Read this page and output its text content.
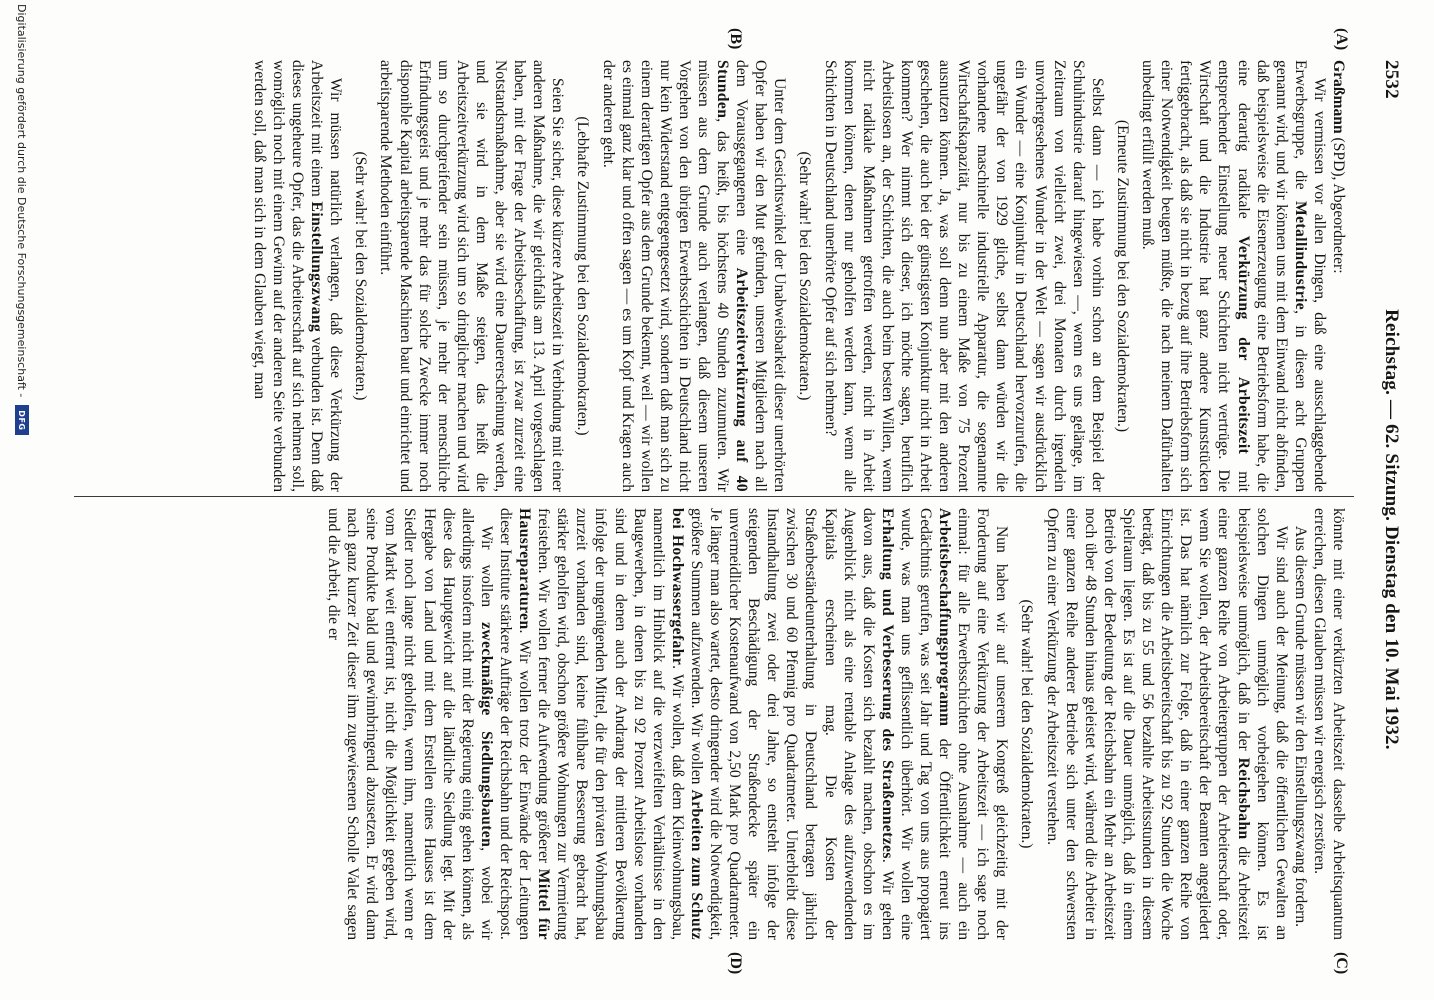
2532
Reichstag. — 62. Sitzung. Dienstag den 10. Mai 1932.
(A)
(B)
(C)
(D)

Graßmann (SPD), Abgeordneter:

Wir vermissen vor allen Dingen, daß eine ausschlaggebende Erwerbsgruppe, die Metallindustrie, in diesen acht Gruppen genannt wird, und wir können uns mit dem Einwand nicht abfinden, daß beispielsweise die Eisenerzeugung eine Betriebsform habe, die eine derartig radikale Verkürzung der Arbeitszeit mit entsprechender Einstellung neuer Schichten nicht vertrüge. Die Wirtschaft und die Industrie hat ganz andere Kunststücken fertiggebracht, als daß sie nicht in bezug auf ihre Betriebsform sich einer Notwendigkeit beugen müßte, die nach meinem Dafürhalten unbedingt erfüllt werden muß.

(Erneute Zustimmung bei den Sozialdemokraten.)

Selbst dann — ich habe vorhin schon an dem Beispiel der Schuhindustrie darauf hingewiesen —, wenn es uns gelänge, im Zeitraum von vielleicht zwei, drei Monaten durch irgendein unvorhergesehenes Wunder in der Welt — sagen wir ausdrücklich ein Wunder — eine Konjunktur in Deutschland hervorzurufen, die ungefähr der von 1929 gliche, selbst dann würden wir die vorhandene maschinelle industrielle Apparatur, die sogenannte Wirtschaftskapazität, nur bis zu einem Maße von 75 Prozent ausnutzen können. Ja, was soll denn nun aber mit den anderen geschehen, die auch bei der günstigsten Konjunktur nicht in Arbeit kommen? Wer nimmt sich dieser, ich möchte sagen, beruflich Arbeitslosen an, der Schichten, die auch beim besten Willen, wenn nicht radikale Maßnahmen getroffen werden, nicht in Arbeit kommen können, denen nur geholfen werden kann, wenn alle Schichten in Deutschland unerhörte Opfer auf sich nehmen?

(Sehr wahr! bei den Sozialdemokraten.)

Unter dem Gesichtswinkel der Unabweisbarkeit dieser unerhörten Opfer haben wir den Mut gefunden, unseren Mitgliedern nach all dem Vorausgegangenen eine Arbeitszeitverkürzung auf 40 Stunden, das heißt, bis höchstens 40 Stunden zuzumuten. Wir müssen aus dem Grunde auch verlangen, daß diesem unseren Vorgehen von den übrigen Erwerbsschichten in Deutschland nicht nur kein Widerstand entgegengesetzt wird, sondern daß man sich zu einem derartigen Opfer aus dem Grunde bekennt, weil — wir wollen es einmal ganz klar und offen sagen — es um Kopf und Kragen auch der anderen geht.

(Lebhafte Zustimmung bei den Sozialdemokraten.)

Seien Sie sicher, diese kürzere Arbeitszeit in Verbindung mit einer anderen Maßnahme, die wir gleichfalls am 13. April vorgeschlagen haben, mit der Frage der Arbeitsbeschaffung, ist zwar zurzeit eine Notstandsmaßnahme, aber sie wird eine Dauererscheinung werden, und sie wird in dem Maße steigen, das heißt die Arbeitszeitverkürzung wird sich um so dringlicher machen und wird um so durchgreifender sein müssen, je mehr der menschliche Erfindungsgeist und je mehr das für solche Zwecke immer noch disponible Kapital arbeitsparende Maschinen baut und einrichtet und arbeitsparende Methoden einführt.

(Sehr wahr! bei den Sozialdemokraten.)

Wir müssen natürlich verlangen, daß diese Verkürzung der Arbeitszeit mit einem Einstellungszwang verbunden ist. Denn daß dieses ungeheure Opfer, das die Arbeiterschaft auf sich nehmen soll, womöglich noch mit einem Gewinn auf der anderen Seite verbunden werden soll, daß man sich in dem Glauben wiegt, man

könnte mit einer verkürzten Arbeitszeit dasselbe Arbeitsquantum erreichen, diesen Glauben müssen wir energisch zerstören.

Aus diesem Grunde müssen wir den Einstellungszwang fordern.

Wir sind auch der Meinung, daß die öffentlichen Gewalten an solchen Dingen unmöglich vorbeigehen können. Es ist beispielsweise unmöglich, daß in der Reichsbahn die Arbeitszeit einer ganzen Reihe von Arbeitergruppen der Arbeiterschaft oder, wenn Sie wollen, der Arbeitsbereitschaft der Beamten angegliedert ist. Das hat nämlich zur Folge, daß in einer ganzen Reihe von Einrichtungen die Arbeitsbereitschaft bis zu 92 Stunden die Woche beträgt, daß bis zu 55 und 56 bezahlte Arbeitsstunden in diesem Spielraum liegen. Es ist auf die Dauer unmöglich, daß in einem Betrieb von der Bedeutung der Reichsbahn ein Mehr an Arbeitszeit noch über 48 Stunden hinaus geleistet wird, während die Arbeiter in einer ganzen Reihe anderer Betriebe sich unter den schwersten Opfern zu einer Verkürzung der Arbeitszeit verstehen.

(Sehr wahr! bei den Sozialdemokraten.)

Nun haben wir auf unserem Kongreß gleichzeitig mit der Forderung auf eine Verkürzung der Arbeitszeit — ich sage noch einmal: für alle Erwerbsschichten ohne Ausnahme — auch ein Arbeitsbeschaffungsprogramm der Öffentlichkeit erneut ins Gedächtnis gerufen, was seit Jahr und Tag von uns aus propagiert wurde, was man uns geflissentlich überhört. Wir wollen eine Erhaltung und Verbesserung des Straßennetzes. Wir gehen davon aus, daß die Kosten sich bezahlt machen, obschon es im Augenblick nicht als eine rentable Anlage des aufzuwendenden Kapitals erscheinen mag. Die Kosten der Straßenbeständeunterhaltung in Deutschland betragen jährlich zwischen 30 und 60 Pfennig pro Quadratmeter. Unterbleibt diese Instandhaltung zwei oder drei Jahre, so entsteht infolge der steigenden Beschädigung der Straßendecke später ein unvermeidlicher Kostenaufwand von 2,50 Mark pro Quadratmeter. Je länger man also wartet, desto dringender wird die Notwendigkeit, größere Summen aufzuwenden. Wir wollen Arbeiten zum Schutz bei Hochwassergefahr. Wir wollen, daß dem Kleinwohnungsbau, namentlich im Hinblick auf die verzweifelten Verhältnisse in den Baugewerben, in denen bis zu 92 Prozent Arbeitslose vorhanden sind und in denen auch der Andrang der mittleren Bevölkerung infolge der ungenügenden Mittel, die für den privaten Wohnungsbau zurzeit vorhanden sind, keine fühlbare Besserung gebracht hat, stärker geholfen wird, obschon größere Wohnungen zur Vermietung freistehen. Wir wollen ferner die Aufwendung größerer Mittel für Hausreparaturen. Wir wollen trotz der Einwände der Leitungen dieser Institute stärkere Aufträge der Reichsbahn und der Reichspost.

Wir wollen zweckmäßige Siedlungsbauten, wobei wir allerdings insofern nicht mit der Regierung einig gehen können, als diese das Hauptgewicht auf die ländliche Siedlung legt. Mit der Hergabe von Land und mit dem Erstellen eines Hauses ist dem Siedler noch lange nicht geholfen, wenn ihm, namentlich wenn er vom Markt weit entfernt ist, nicht die Möglichkeit gegeben wird, seine Produkte bald und gewinnbringend abzusetzen. Er wird dann nach ganz kurzer Zeit dieser ihm zugewiesenen Scholle Valet sagen und die Arbeit, die er

Digitalisierung gefördert durch die Deutsche Forschungsgemeinschaft -
DFG
